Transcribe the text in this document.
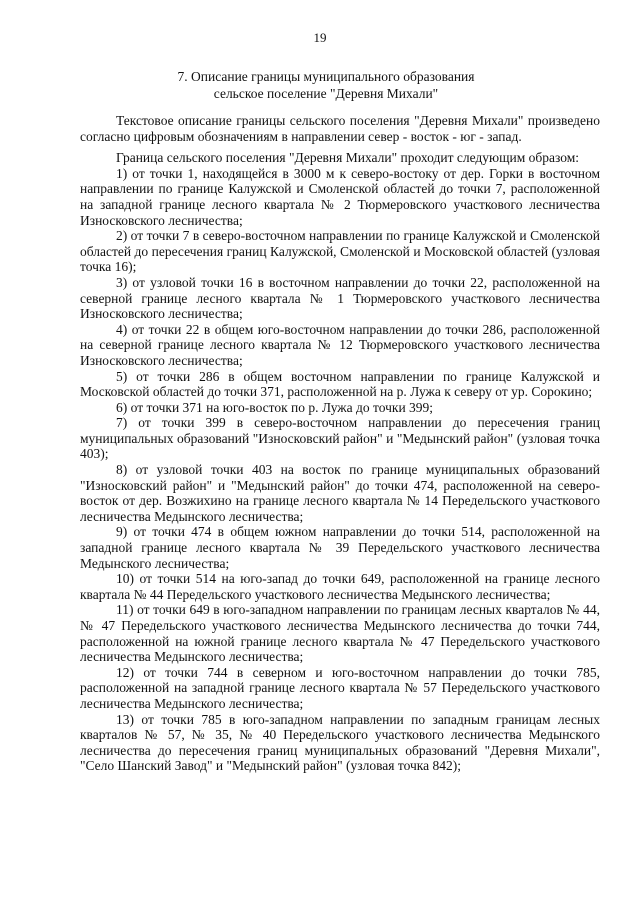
19
7. Описание границы муниципального образования
сельское поселение "Деревня Михали"

Текстовое описание границы сельского поселения "Деревня Михали" произведено согласно цифровым обозначениям в направлении север - восток - юг - запад.

Граница сельского поселения "Деревня Михали" проходит следующим образом:

1) от точки 1, находящейся в 3000 м к северо-востоку от дер. Горки в восточном направлении по границе Калужской и Смоленской областей до точки 7, расположенной на западной границе лесного квартала № 2 Тюрмеровского участкового лесничества Износковского лесничества;

2) от точки 7 в северо-восточном направлении по границе Калужской и Смоленской областей до пересечения границ Калужской, Смоленской и Московской областей (узловая точка 16);

3) от узловой точки 16 в восточном направлении до точки 22, расположенной на северной границе лесного квартала № 1 Тюрмеровского участкового лесничества Износковского лесничества;

4) от точки 22 в общем юго-восточном направлении до точки 286, расположенной на северной границе лесного квартала № 12 Тюрмеровского участкового лесничества Износковского лесничества;

5) от точки 286 в общем восточном направлении по границе Калужской и Московской областей до точки 371, расположенной на р. Лужа к северу от ур. Сорокино;

6) от точки 371 на юго-восток по р. Лужа до точки 399;

7) от точки 399 в северо-восточном направлении до пересечения границ муниципальных образований "Износковский район" и "Медынский район" (узловая точка 403);

8) от узловой точки 403 на восток по границе муниципальных образований "Износковский район" и "Медынский район" до точки 474, расположенной на северо-восток от дер. Возжихино на границе лесного квартала № 14 Передельского участкового лесничества Медынского лесничества;

9) от точки 474 в общем южном направлении до точки 514, расположенной на западной границе лесного квартала № 39 Передельского участкового лесничества Медынского лесничества;

10) от точки 514 на юго-запад до точки 649, расположенной на границе лесного квартала № 44 Передельского участкового лесничества Медынского лесничества;

11) от точки 649 в юго-западном направлении по границам лесных кварталов № 44, № 47 Передельского участкового лесничества Медынского лесничества до точки 744, расположенной на южной границе лесного квартала № 47 Передельского участкового лесничества Медынского лесничества;

12) от точки 744 в северном и юго-восточном направлении до точки 785, расположенной на западной границе лесного квартала № 57 Передельского участкового лесничества Медынского лесничества;

13) от точки 785 в юго-западном направлении по западным границам лесных кварталов № 57, № 35, № 40 Передельского участкового лесничества Медынского лесничества до пересечения границ муниципальных образований "Деревня Михали", "Село Шанский Завод" и "Медынский район" (узловая точка 842);
